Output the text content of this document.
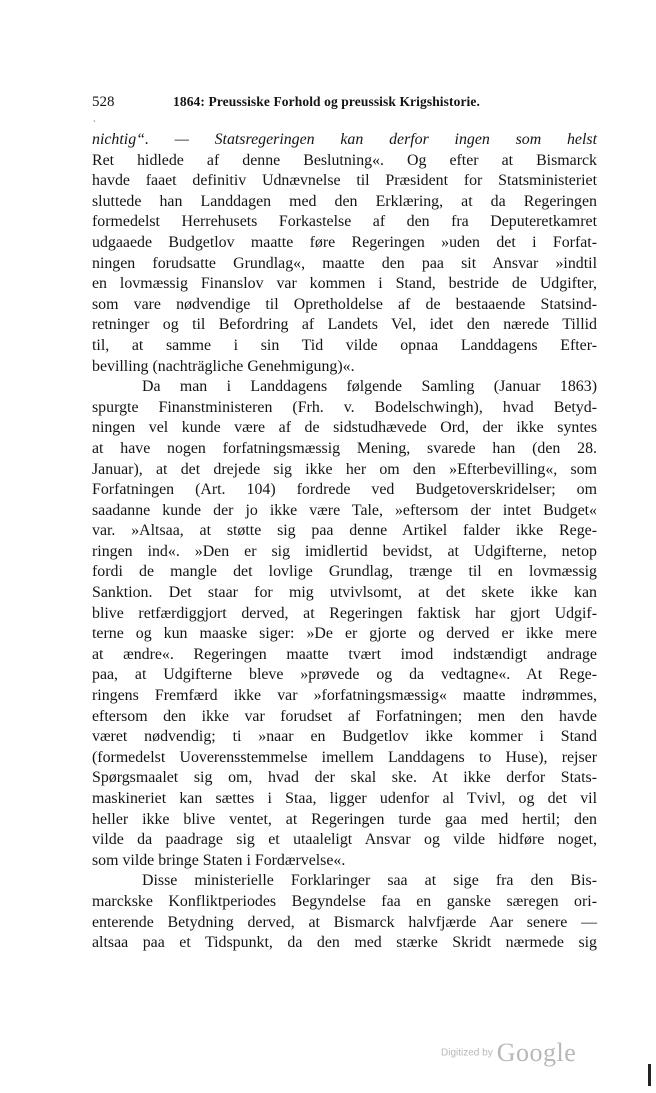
528	1864: Preussiske Forhold og preussisk Krigshistorie.
ˋ
nichtig“. — Statsregeringen kan derfor ingen som helst
Ret hidlede af denne Beslutning«. Og efter at Bismarck
havde faaet definitiv Udnævnelse til Præsident for Statsministeriet
sluttede han Landdagen med den Erklæring, at da Regeringen
formedelst Herrehusets Forkastelse af den fra Deputeretkamret
udgaaede Budgetlov maatte føre Regeringen »uden det i Forfat-
ningen forudsatte Grundlag«, maatte den paa sit Ansvar »indtil
en lovmæssig Finanslov var kommen i Stand, bestride de Udgifter,
som vare nødvendige til Opretholdelse af de bestaaende Statsind-
retninger og til Befordring af Landets Vel, idet den nærede Tillid
til, at samme i sin Tid vilde opnaa Landdagens Efter-
bevilling (nachträgliche Genehmigung)«.
Da man i Landdagens følgende Samling (Januar 1863)
spurgte Finanstministeren (Frh. v. Bodelschwingh), hvad Betyd-
ningen vel kunde være af de sidstudhævede Ord, der ikke syntes
at have nogen forfatningsmæssig Mening, svarede han (den 28.
Januar), at det drejede sig ikke her om den »Efterbevilling«, som
Forfatningen (Art. 104) fordrede ved Budgetoverskridelser; om
saadanne kunde der jo ikke være Tale, »eftersom der intet Budget«
var. »Altsaa, at støtte sig paa denne Artikel falder ikke Rege-
ringen ind«. »Den er sig imidlertid bevidst, at Udgifterne, netop
fordi de mangle det lovlige Grundlag, trænge til en lovmæssig
Sanktion. Det staar for mig utvivlsomt, at det skete ikke kan
blive retfærdiggjort derved, at Regeringen faktisk har gjort Udgif-
terne og kun maaske siger: »De er gjorte og derved er ikke mere
at ændre«. Regeringen maatte tvært imod indstændigt andrage
paa, at Udgifterne bleve »prøvede og da vedtagne«. At Rege-
ringens Fremfærd ikke var »forfatningsmæssig« maatte indrømmes,
eftersom den ikke var forudset af Forfatningen; men den havde
været nødvendig; ti »naar en Budgetlov ikke kommer i Stand
(formedelst Uoverensstemmelse imellem Landdagens to Huse), rejser
Spørgsmaalet sig om, hvad der skal ske. At ikke derfor Stats-
maskineriet kan sættes i Staa, ligger udenfor al Tvivl, og det vil
heller ikke blive ventet, at Regeringen turde gaa med hertil; den
vilde da paadrage sig et utaaleligt Ansvar og vilde hidføre noget,
som vilde bringe Staten i Fordærvelse«.
Disse ministerielle Forklaringer saa at sige fra den Bis-
marckske Konfliktperiodes Begyndelse faa en ganske særegen ori-
enterende Betydning derved, at Bismarck halvfjærde Aar senere —
altsaa paa et Tidspunkt, da den med stærke Skridt nærmede sig
Digitized by Google
